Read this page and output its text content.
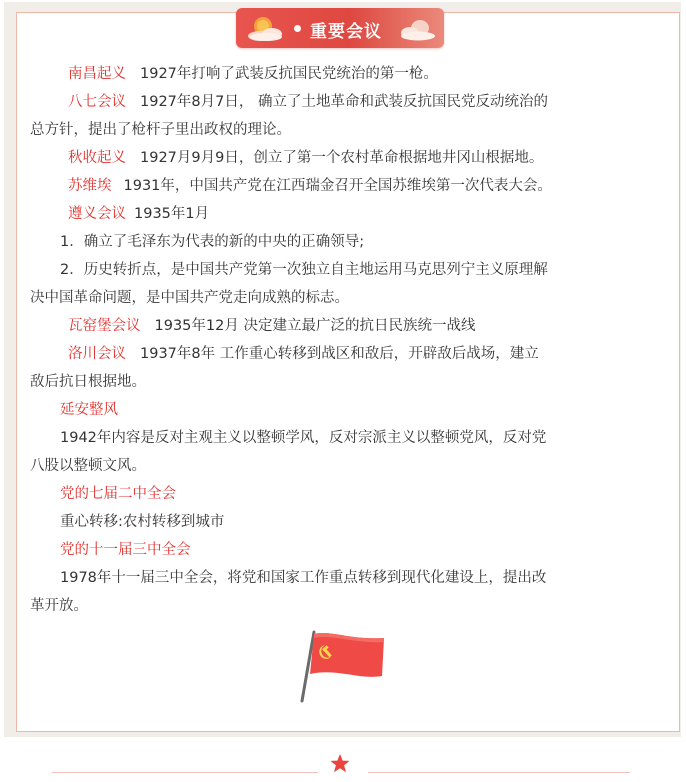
重要会议
南昌起义 1927年打响了武装反抗国民党统治的第一枪。
八七会议 1927年8月7日， 确立了土地革命和武装反抗国民党反动统治的
总方针，提出了枪杆子里出政权的理论。
秋收起义 1927月9月9日，创立了第一个农村革命根据地井冈山根据地。
苏维埃 1931年，中国共产党在江西瑞金召开全国苏维埃第一次代表大会。
遵义会议 1935年1月
1．确立了毛泽东为代表的新的中央的正确领导;
2．历史转折点，是中国共产党第一次独立自主地运用马克思列宁主义原理解
决中国革命问题，是中国共产党走向成熟的标志。
瓦窑堡会议 1935年12月 决定建立最广泛的抗日民族统一战线
洛川会议 1937年8年 工作重心转移到战区和敌后，开辟敌后战场，建立
敌后抗日根据地。
延安整风
1942年内容是反对主观主义以整顿学风，反对宗派主义以整顿党风，反对党
八股以整顿文风。
党的七届二中全会
重心转移:农村转移到城市
党的十一届三中全会
1978年十一届三中全会，将党和国家工作重点转移到现代化建设上，提出改
革开放。
